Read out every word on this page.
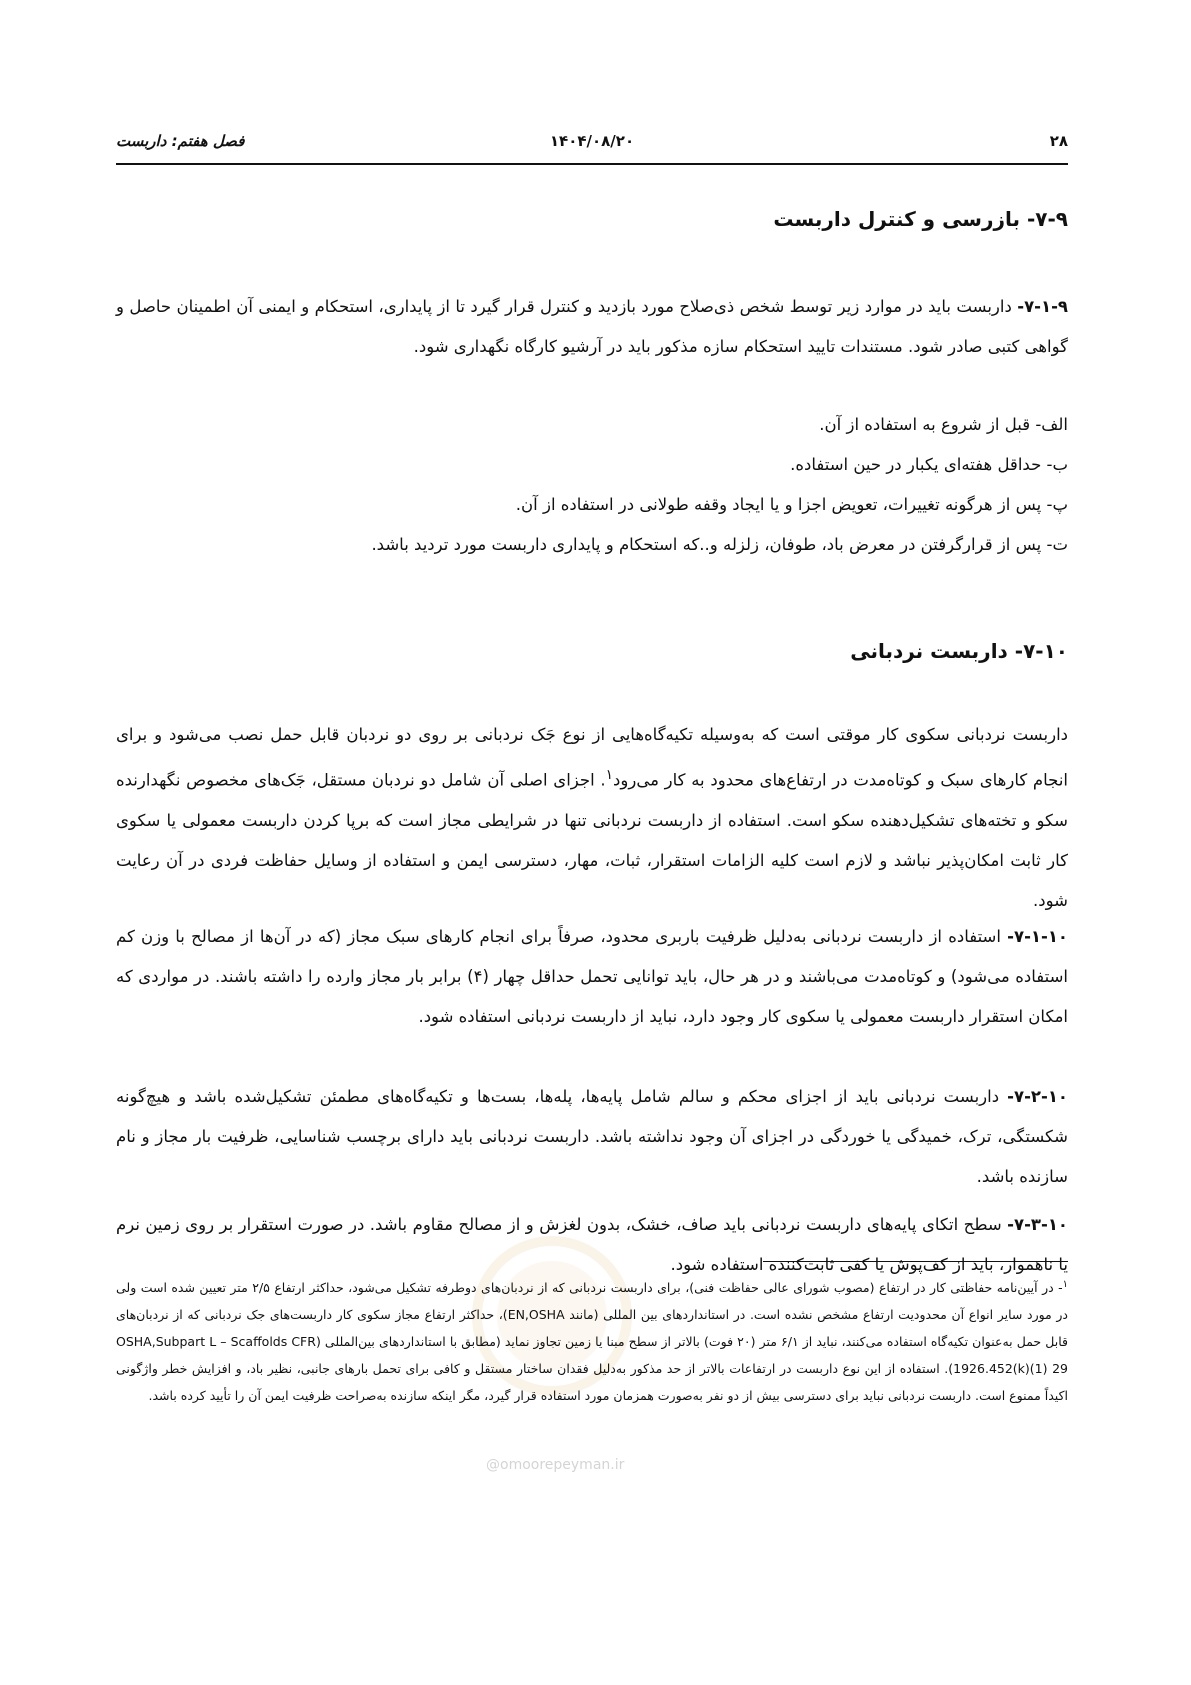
۲۸
۱۴۰۴/۰۸/۲۰
فصل هفتم: داربست
@omoorepeyman.ir
۷-۹- بازرسی و کنترل داربست

۷-۱-۹- داربست باید در موارد زیر توسط شخص ذی‌صلاح مورد بازدید و کنترل قرار گیرد تا از پایداری، استحکام و ایمنی آن اطمینان حاصل و گواهی کتبی صادر شود. مستندات تایید استحکام سازه مذکور باید در آرشیو کارگاه نگهداری شود.

الف- قبل از شروع به استفاده از آن.

ب- حداقل هفته‌ای یکبار در حین استفاده.

پ- پس از هرگونه تغییرات، تعویض اجزا و یا ایجاد وقفه طولانی در استفاده از آن.

ت- پس از قرارگرفتن در معرض باد، طوفان، زلزله و..که استحکام و پایداری داربست مورد تردید باشد.

۷-۱۰- داربست نردبانی

داربست نردبانی سکوی کار موقتی است که به‌وسیله تکیه‌گاه‌هایی از نوع جَک نردبانی بر روی دو نردبان قابل حمل نصب می‌شود و برای انجام کارهای سبک و کوتاه‌مدت در ارتفاع‌های محدود به کار می‌رود$^۱$. اجزای اصلی آن شامل دو نردبان مستقل، جَک‌های مخصوص نگهدارنده سکو و تخته‌های تشکیل‌دهنده سکو است. استفاده از داربست نردبانی تنها در شرایطی مجاز است که برپا کردن داربست معمولی یا سکوی کار ثابت امکان‌پذیر نباشد و لازم است کلیه الزامات استقرار، ثبات، مهار، دسترسی ایمن و استفاده از وسایل حفاظت فردی در آن رعایت شود.

۷-۱-۱۰- استفاده از داربست نردبانی به‌دلیل ظرفیت باربری محدود، صرفاً برای انجام کارهای سبک مجاز (که در آن‌ها از مصالح با وزن کم استفاده می‌شود) و کوتاه‌مدت می‌باشند و در هر حال، باید توانایی تحمل حداقل چهار (۴) برابر بار مجاز وارده را داشته باشند. در مواردی که امکان استقرار داربست معمولی یا سکوی کار وجود دارد، نباید از داربست نردبانی استفاده شود.

۷-۲-۱۰- داربست نردبانی باید از اجزای محکم و سالم شامل پایه‌ها، پله‌ها، بست‌ها و تکیه‌گاه‌های مطمئن تشکیل‌شده باشد و هیچ‌گونه شکستگی، ترک، خمیدگی یا خوردگی در اجزای آن وجود نداشته باشد. داربست نردبانی باید دارای برچسب شناسایی، ظرفیت بار مجاز و نام سازنده باشد.

۷-۳-۱۰- سطح اتکای پایه‌های داربست نردبانی باید صاف، خشک، بدون لغزش و از مصالح مقاوم باشد. در صورت استقرار بر روی زمین نرم یا ناهموار، باید از کف‌پوش یا کفی ثابت‌کننده استفاده شود.

$^۱$- در آیین‌نامه حفاظتی کار در ارتفاع (مصوب شورای عالی حفاظت فنی)، برای داربست نردبانی که از نردبان‌های دوطرفه تشکیل می‌شود، حداکثر ارتفاع ۲/۵ متر تعیین شده است ولی در مورد سایر انواع آن محدودیت ارتفاع مشخص نشده است. در استانداردهای بین المللی (مانند EN,OSHA)، حداکثر ارتفاع مجاز سکوی کار داربست‌های جک نردبانی که از نردبان‌های قابل حمل به‌عنوان تکیه‌گاه استفاده می‌کنند، نباید از ۶/۱ متر (۲۰ فوت) بالاتر از سطح مبنا یا زمین تجاوز نماید (مطابق با استانداردهای بین‌المللی (OSHA,Subpart L – Scaffolds CFR 1926.452(k)(1) 29). استفاده از این نوع داربست در ارتفاعات بالاتر از حد مذکور به‌دلیل فقدان ساختار مستقل و کافی برای تحمل بارهای جانبی، نظیر باد، و افزایش خطر واژگونی اکیداً ممنوع است. داربست نردبانی نباید برای دسترسی بیش از دو نفر به‌صورت همزمان مورد استفاده قرار گیرد، مگر اینکه سازنده به‌صراحت ظرفیت ایمن آن را تأیید کرده باشد.
